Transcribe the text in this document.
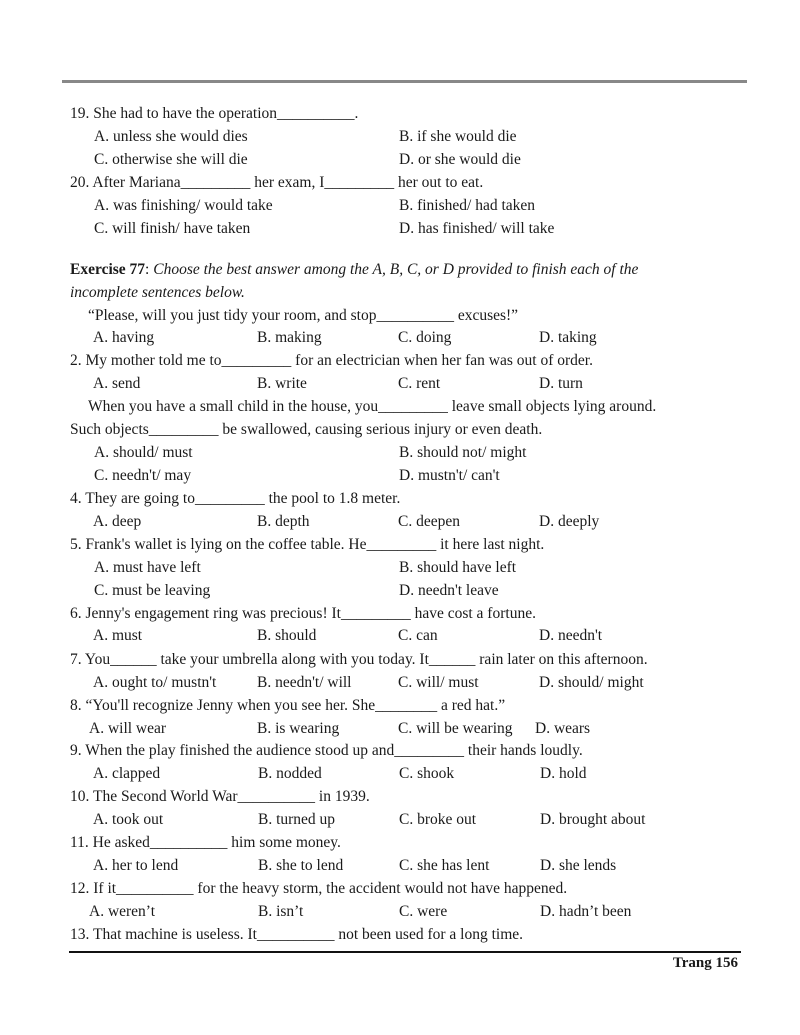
19. She had to have the operation__________.
A. unless she would dies	B. if she would die
C. otherwise she will die	D. or she would die
20. After Mariana_________ her exam, I_________ her out to eat.
A. was finishing/ would take	B. finished/ had taken
C. will finish/ have taken	D. has finished/ will take
Exercise 77: Choose the best answer among the A, B, C, or D provided to finish each of the
incomplete sentences below.
“Please, will you just tidy your room, and stop__________ excuses!”
A. having	B. making	C. doing	D. taking
2. My mother told me to_________ for an electrician when her fan was out of order.
A. send	B. write	C. rent	D. turn
When you have a small child in the house, you_________ leave small objects lying around.
Such objects_________ be swallowed, causing serious injury or even death.
A. should/ must	B. should not/ might
C. needn't/ may	D. mustn't/ can't
4. They are going to_________ the pool to 1.8 meter.
A. deep	B. depth	C. deepen	D. deeply
5. Frank's wallet is lying on the coffee table. He_________ it here last night.
A. must have left	B. should have left
C. must be leaving	D. needn't leave
6. Jenny's engagement ring was precious! It_________ have cost a fortune.
A. must	B. should	C. can	D. needn't
7. You______ take your umbrella along with you today. It______ rain later on this afternoon.
A. ought to/ mustn't	B. needn't/ will	C. will/ must	D. should/ might
8. “You'll recognize Jenny when you see her. She________ a red hat.”
A. will wear	B. is wearing	C. will be wearing D. wears
9. When the play finished the audience stood up and_________ their hands loudly.
A. clapped	B. nodded	C. shook	D. hold
10. The Second World War__________ in 1939.
A. took out	B. turned up	C. broke out	D. brought about
11. He asked__________ him some money.
A. her to lend	B. she to lend	C. she has lent	D. she lends
12. If it__________ for the heavy storm, the accident would not have happened.
A. weren’t	B. isn’t	C. were	D. hadn’t been
13. That machine is useless. It__________ not been used for a long time.
Trang 156
